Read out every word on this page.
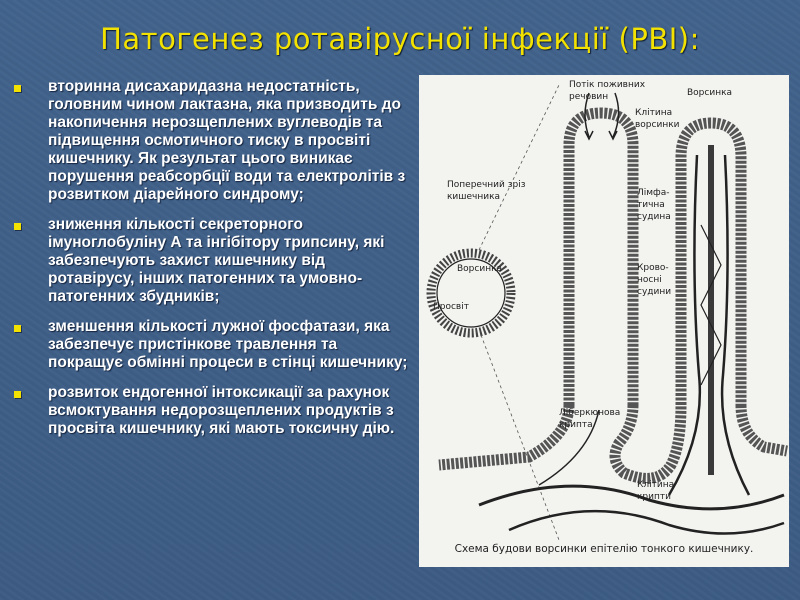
Патогенез ротавірусної інфекції (РВІ):
вторинна дисахаридазна недостатність, головним чином лактазна, яка призводить до накопичення нерозщеплених вуглеводів та підвищення осмотичного тиску в просвіті кишечнику. Як результат цього виникає порушення реабсорбції води та електролітів з розвитком діарейного синдрому;
зниження кількості секреторного імуноглобуліну А та інгібітору трипсину, які забезпечують захист кишечнику від ротавірусу, інших патогенних та умовно-патогенних збудників;
зменшення кількості лужної фосфатази, яка забезпечує пристінкове травлення та покращує обмінні процеси в стінці кишечнику;
розвиток ендогенної інтоксикації за рахунок всмоктування недорозщеплених продуктів з просвіта кишечнику, які мають токсичну дію.
Потік поживних
речовин	Ворсинка
Клітина
ворсинки
Поперечний зріз
кишечника	Лімфа-
тична
судина
Крово-
носні
судини
Ворсинка
Просвіт
Ліберкюнова
крипта
Клітина
крипти
Схема будови ворсинки епітелію тонкого кишечнику.
